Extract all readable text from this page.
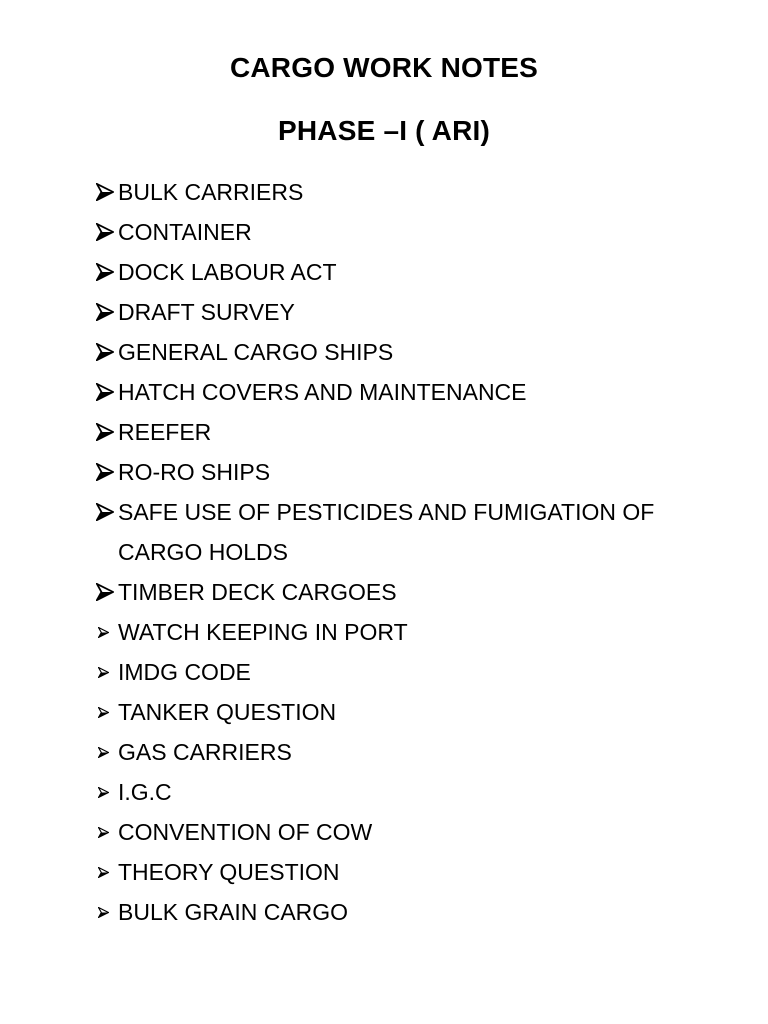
CARGO WORK NOTES
PHASE –I ( ARI)
BULK CARRIERS
CONTAINER
DOCK LABOUR ACT
DRAFT SURVEY
GENERAL CARGO SHIPS
HATCH COVERS AND MAINTENANCE
REEFER
RO-RO SHIPS
SAFE USE OF PESTICIDES AND FUMIGATION OF CARGO HOLDS
TIMBER DECK CARGOES
WATCH KEEPING IN PORT
IMDG CODE
TANKER QUESTION
GAS CARRIERS
I.G.C
CONVENTION OF COW
THEORY QUESTION
BULK GRAIN CARGO
